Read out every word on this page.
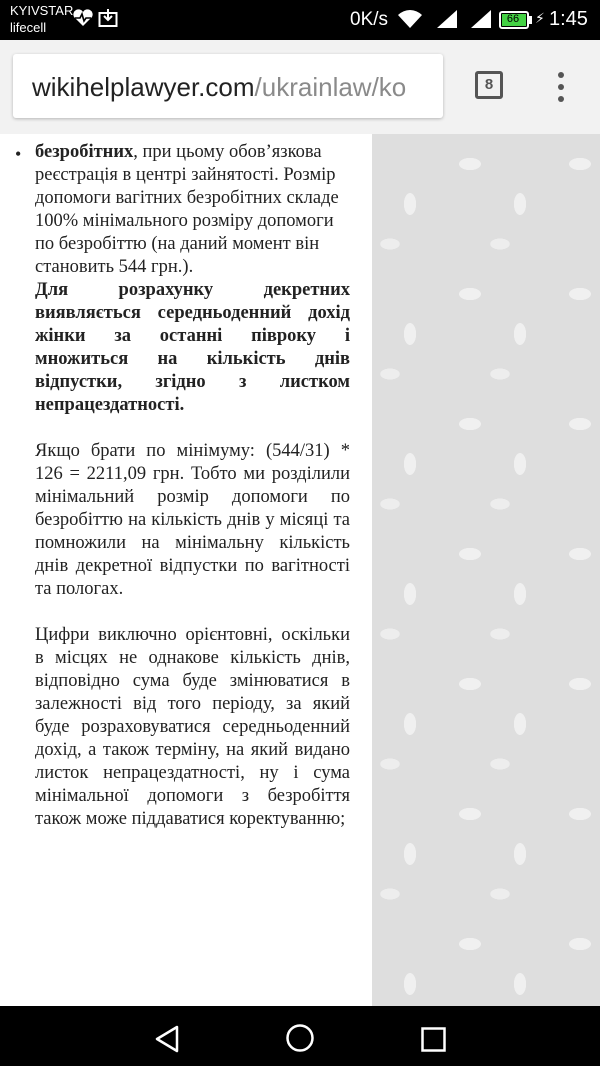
KYIVSTAR
lifecell	0K/s	66 ⚡ 1:45
wikihelplawyer.com/ukrainlaw/kо	8
• безробітних, при цьому обов’язкова реєстрація в центрі зайнятості. Розмір допомоги вагітних безробітних складе 100% мінімального розміру допомоги по безробіттю (на даний момент він становить 544 грн.).

Для розрахунку декретних виявляється середньоденний дохід жінки за останні півроку і множиться на кількість днів відпустки, згідно з листком непрацездатності.

Якщо брати по мінімуму: (544/31) * 126 = 2211,09 грн. Тобто ми розділили мінімальний розмір допомоги по безробіттю на кількість днів у місяці та помножили на мінімальну кількість днів декретної відпустки по вагітності та пологах.

Цифри виключно орієнтовні, оскільки в місцях не однакове кількість днів, відповідно сума буде змінюватися в залежності від того періоду, за який буде розраховуватися середньоденний дохід, а також терміну, на який видано листок непрацездатності, ну і сума мінімальної допомоги з безробіття також може піддаватися коректуванню;
